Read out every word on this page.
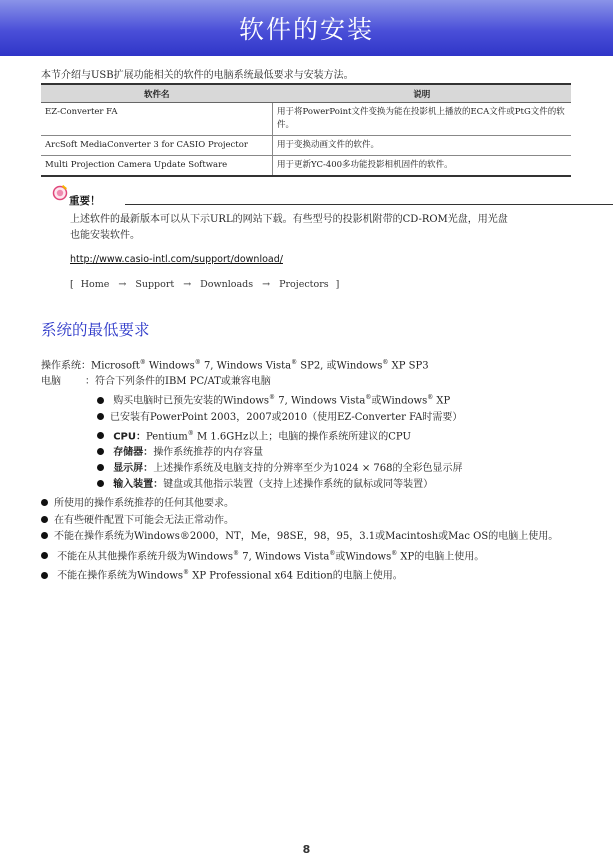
软件的安装
本节介绍与USB扩展功能相关的软件的电脑系统最低要求与安装方法。
软件名	说明
EZ-Converter FA	用于将PowerPoint文件变换为能在投影机上播放的ECA文件或PtG文件的软件。
ArcSoft MediaConverter 3 for CASIO Projector	用于变换动画文件的软件。
Multi Projection Camera Update Software	用于更新YC-400多功能投影相机固件的软件。
重要！
上述软件的最新版本可以从下示URL的网站下载。有些型号的投影机附带的CD-ROM光盘，用光盘
也能安装软件。
http://www.casio-intl.com/support/download/
[ Home → Support → Downloads → Projectors ]
系统的最低要求
操作系统：Microsoft® Windows® 7, Windows Vista® SP2, 或Windows® XP SP3
电脑 ：符合下列条件的IBM PC/AT或兼容电脑
购买电脑时已预先安装的Windows® 7, Windows Vista®或Windows® XP
已安装有PowerPoint 2003，2007或2010（使用EZ-Converter FA时需要）
CPU：Pentium® M 1.6GHz以上；电脑的操作系统所建议的CPU
存储器：操作系统推荐的内存容量
显示屏：上述操作系统及电脑支持的分辨率至少为1024 × 768的全彩色显示屏
输入装置：键盘或其他指示装置（支持上述操作系统的鼠标或同等装置）
所使用的操作系统推荐的任何其他要求。
在有些硬件配置下可能会无法正常动作。
不能在操作系统为Windows®2000，NT，Me，98SE，98，95，3.1或Macintosh或Mac OS的电脑上使用。
不能在从其他操作系统升级为Windows® 7, Windows Vista®或Windows® XP的电脑上使用。
不能在操作系统为Windows® XP Professional x64 Edition的电脑上使用。
8
